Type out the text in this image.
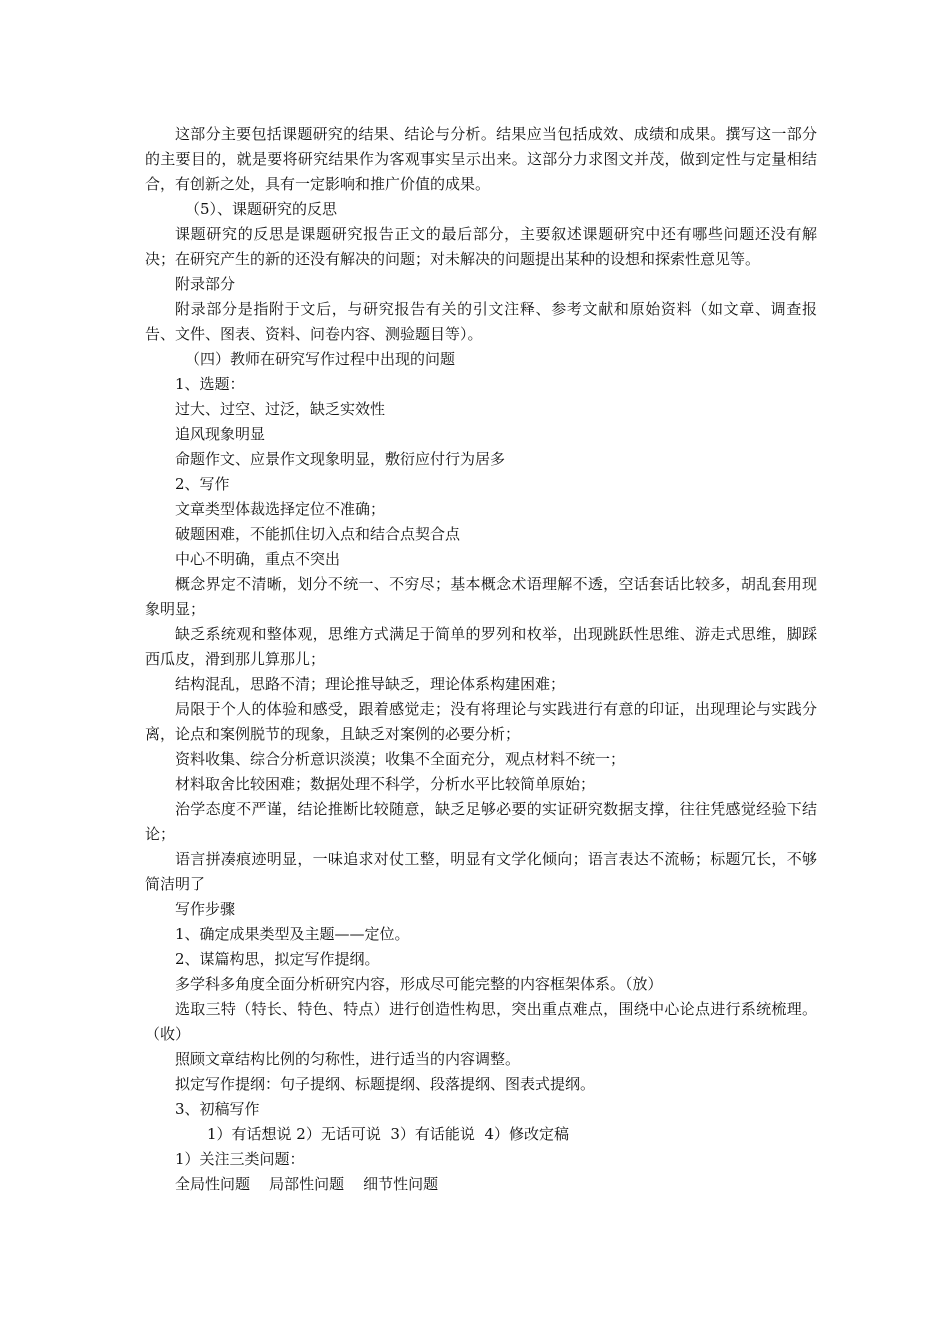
这部分主要包括课题研究的结果、结论与分析。结果应当包括成效、成绩和成果。撰写这一部分的主要目的，就是要将研究结果作为客观事实呈示出来。这部分力求图文并茂，做到定性与定量相结合，有创新之处，具有一定影响和推广价值的成果。

（5）、课题研究的反思

课题研究的反思是课题研究报告正文的最后部分，主要叙述课题研究中还有哪些问题还没有解决；在研究产生的新的还没有解决的问题；对未解决的问题提出某种的设想和探索性意见等。

附录部分

附录部分是指附于文后，与研究报告有关的引文注释、参考文献和原始资料（如文章、调查报告、文件、图表、资料、问卷内容、测验题目等）。

（四）教师在研究写作过程中出现的问题

1、选题：

过大、过空、过泛，缺乏实效性

追风现象明显

命题作文、应景作文现象明显，敷衍应付行为居多

2、写作

文章类型体裁选择定位不准确；

破题困难，不能抓住切入点和结合点契合点

中心不明确，重点不突出

概念界定不清晰，划分不统一、不穷尽；基本概念术语理解不透，空话套话比较多，胡乱套用现象明显；

缺乏系统观和整体观，思维方式满足于简单的罗列和枚举，出现跳跃性思维、游走式思维，脚踩西瓜皮，滑到那儿算那儿；

结构混乱，思路不清；理论推导缺乏，理论体系构建困难；

局限于个人的体验和感受，跟着感觉走；没有将理论与实践进行有意的印证，出现理论与实践分离，论点和案例脱节的现象，且缺乏对案例的必要分析；

资料收集、综合分析意识淡漠；收集不全面充分，观点材料不统一；

材料取舍比较困难；数据处理不科学，分析水平比较简单原始；

治学态度不严谨，结论推断比较随意，缺乏足够必要的实证研究数据支撑，往往凭感觉经验下结论；

语言拼凑痕迹明显，一味追求对仗工整，明显有文学化倾向；语言表达不流畅；标题冗长，不够简洁明了

写作步骤

1、确定成果类型及主题——定位。

2、谋篇构思，拟定写作提纲。

多学科多角度全面分析研究内容，形成尽可能完整的内容框架体系。（放）

选取三特（特长、特色、特点）进行创造性构思，突出重点难点，围绕中心论点进行系统梳理。（收）

照顾文章结构比例的匀称性，进行适当的内容调整。

拟定写作提纲：句子提纲、标题提纲、段落提纲、图表式提纲。

3、初稿写作

1）有话想说 2）无话可说  3）有话能说  4）修改定稿

1）关注三类问题：

全局性问题    局部性问题    细节性问题
